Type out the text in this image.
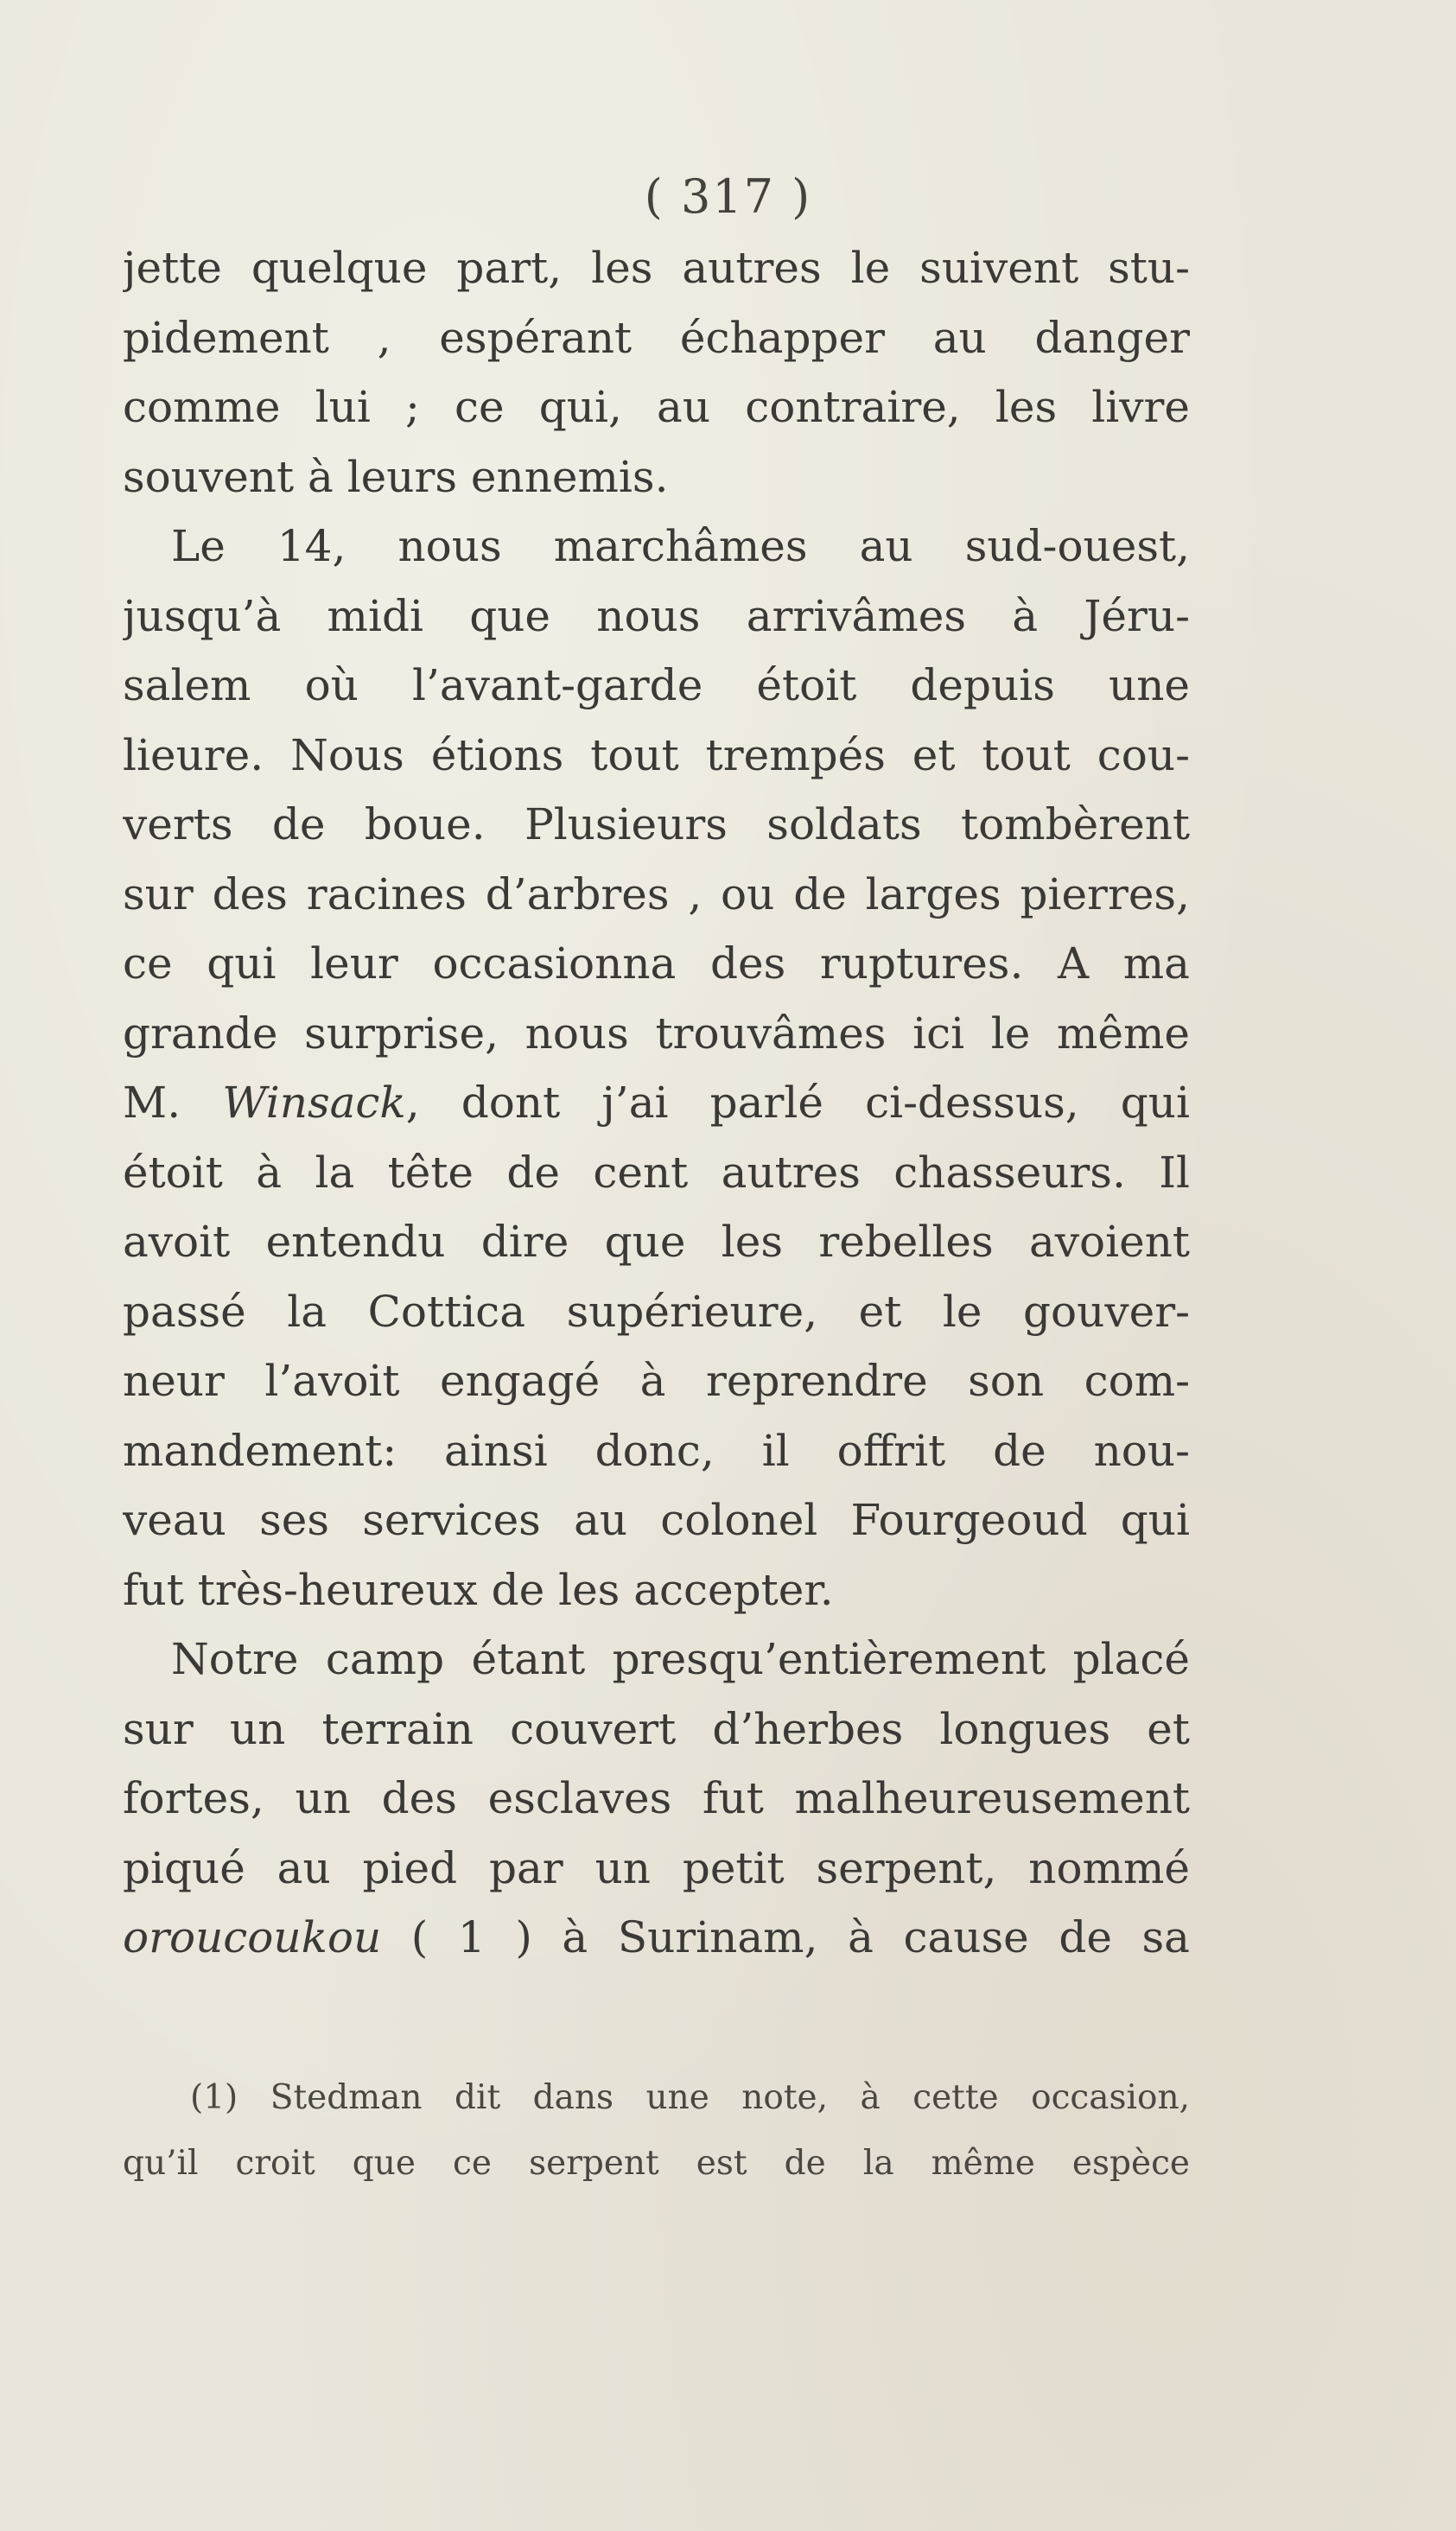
( 317 )
jette quelque part, les autres le suivent stu-
pidement , espérant échapper au danger
comme lui ; ce qui, au contraire, les livre
souvent à leurs ennemis.
Le 14, nous marchâmes au sud-ouest,
jusqu’à midi que nous arrivâmes à Jéru-
salem où l’avant-garde étoit depuis une
lieure. Nous étions tout trempés et tout cou-
verts de boue. Plusieurs soldats tombèrent
sur des racines d’arbres , ou de larges pierres,
ce qui leur occasionna des ruptures. A ma
grande surprise, nous trouvâmes ici le même
M. Winsack, dont j’ai parlé ci-dessus, qui
étoit à la tête de cent autres chasseurs. Il
avoit entendu dire que les rebelles avoient
passé la Cottica supérieure, et le gouver-
neur l’avoit engagé à reprendre son com-
mandement: ainsi donc, il offrit de nou-
veau ses services au colonel Fourgeoud qui
fut très-heureux de les accepter.
Notre camp étant presqu’entièrement placé
sur un terrain couvert d’herbes longues et
fortes, un des esclaves fut malheureusement
piqué au pied par un petit serpent, nommé
oroucoukou ( 1 ) à Surinam, à cause de sa
(1) Stedman dit dans une note, à cette occasion,
qu’il croit que ce serpent est de la même espèce
